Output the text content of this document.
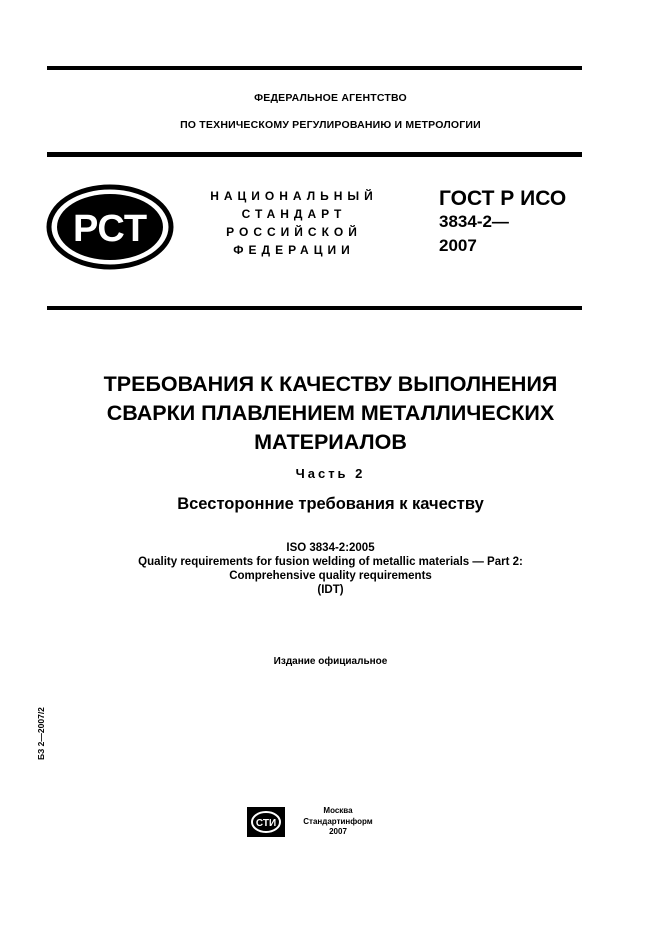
ФЕДЕРАЛЬНОЕ АГЕНТСТВО
ПО ТЕХНИЧЕСКОМУ РЕГУЛИРОВАНИЮ И МЕТРОЛОГИИ
РСТ
НАЦИОНАЛЬНЫЙ
СТАНДАРТ
РОССИЙСКОЙ
ФЕДЕРАЦИИ
ГОСТ Р ИСО
3834-2—
2007
ТРЕБОВАНИЯ К КАЧЕСТВУ ВЫПОЛНЕНИЯ
СВАРКИ ПЛАВЛЕНИЕМ МЕТАЛЛИЧЕСКИХ
МАТЕРИАЛОВ
Часть 2
Всесторонние требования к качеству
ISO 3834-2:2005
Quality requirements for fusion welding of metallic materials — Part 2:
Comprehensive quality requirements
(IDT)
Издание официальное
БЗ 2—2007/2
СТИ
Москва
Стандартинформ
2007
